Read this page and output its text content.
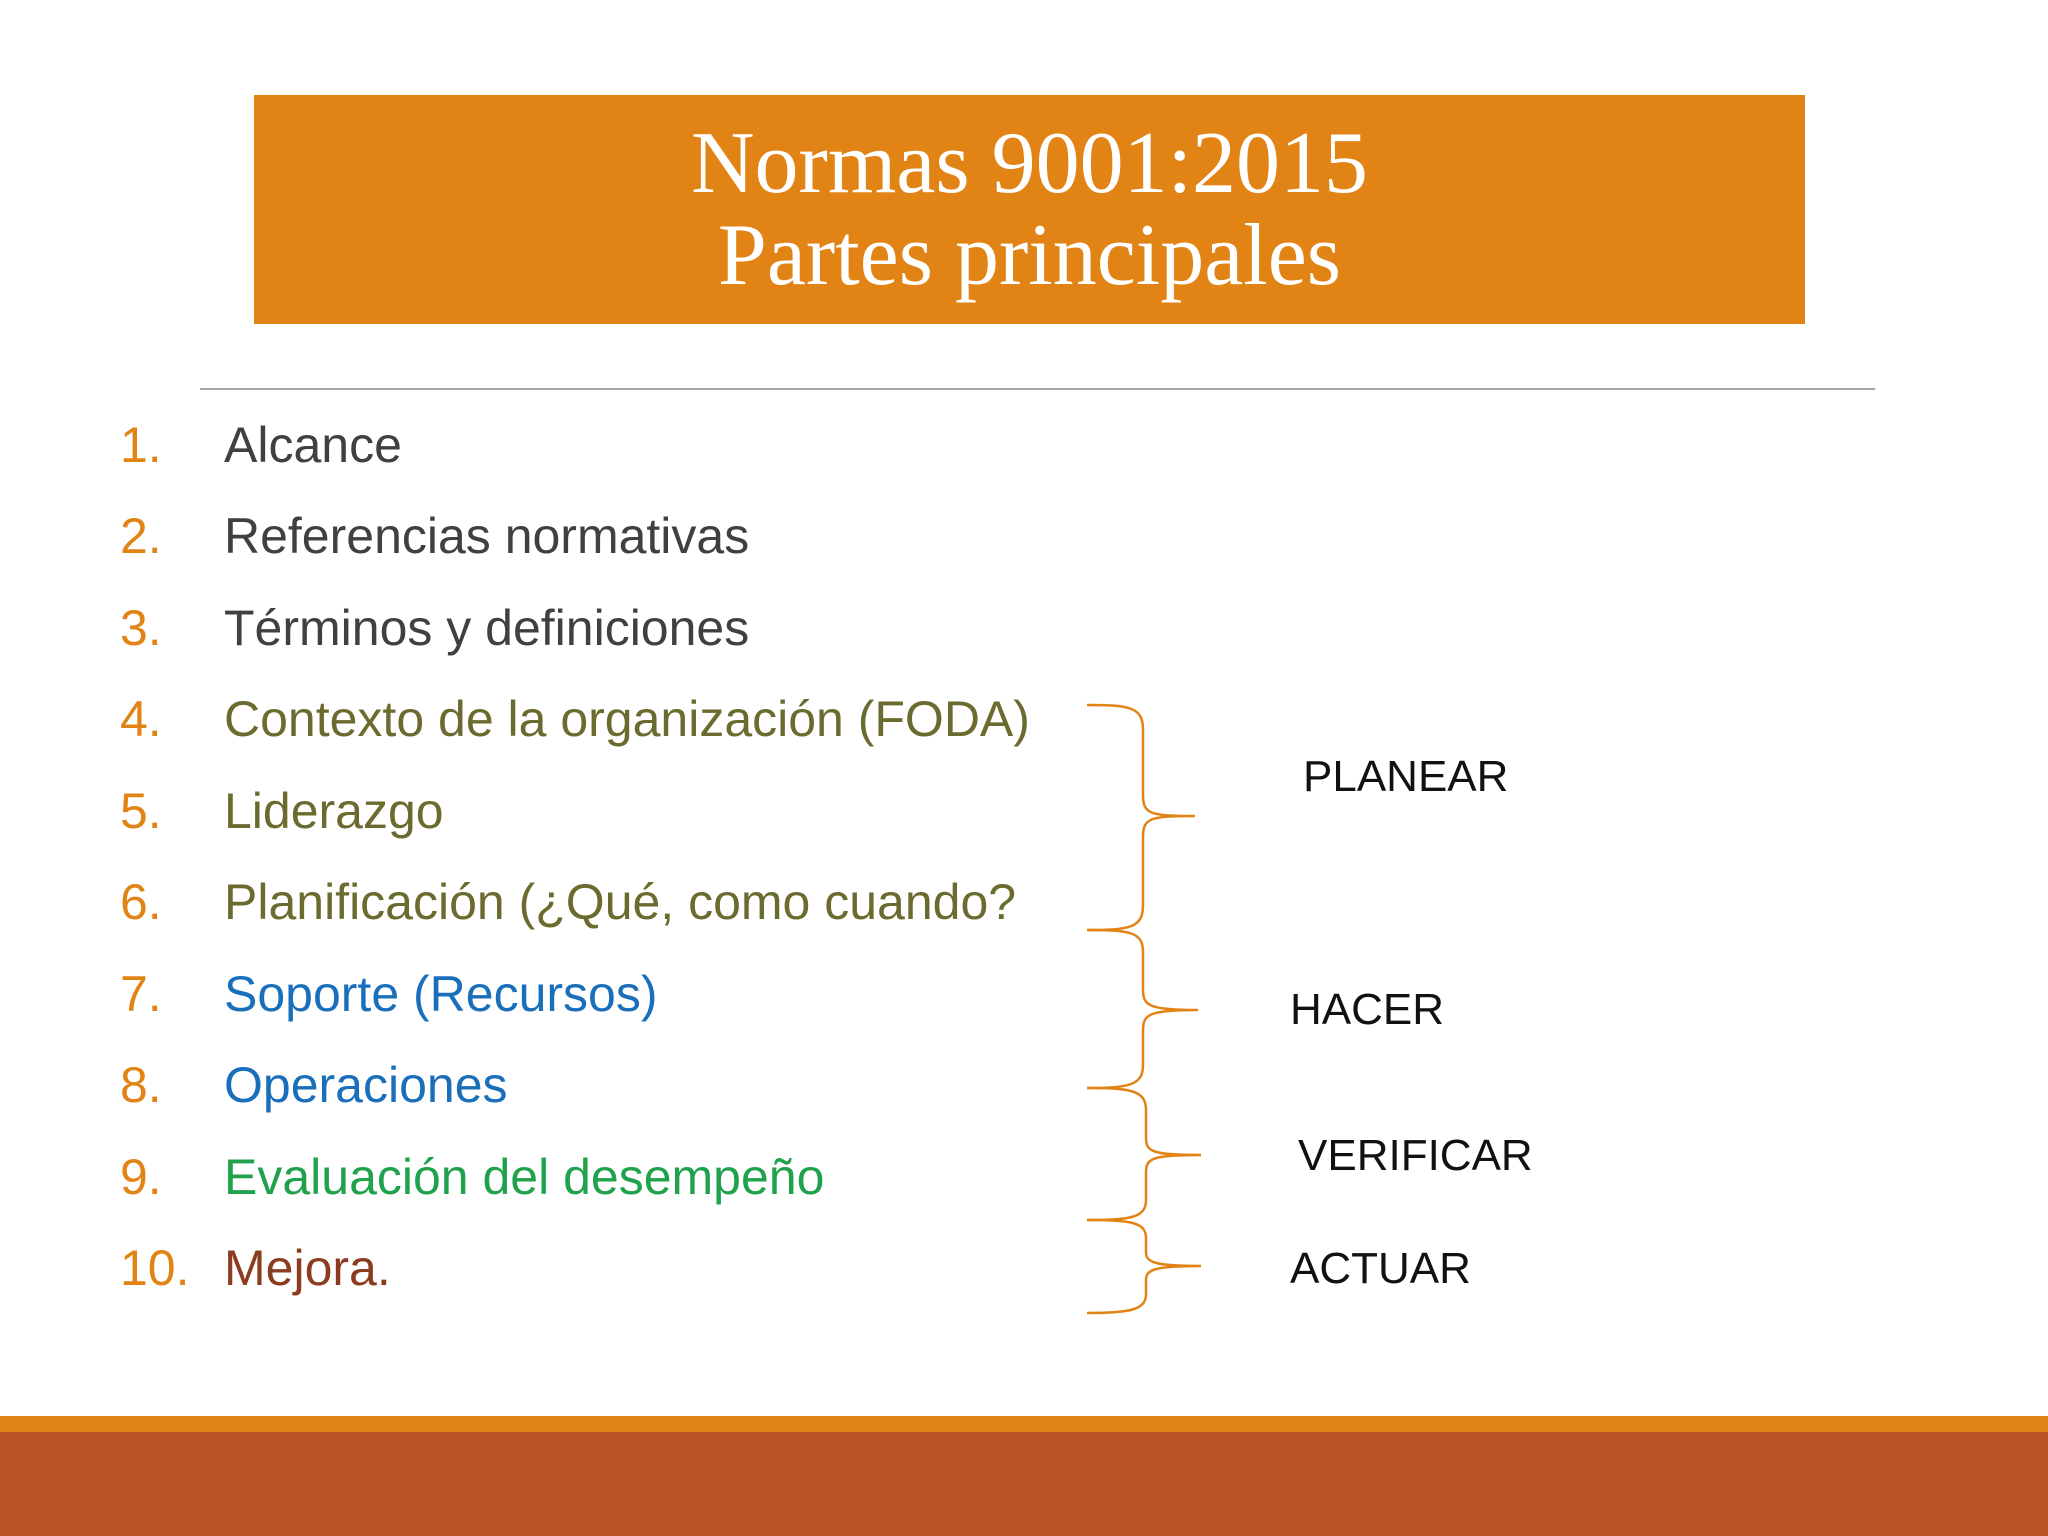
Normas 9001:2015
Partes principales
1. Alcance
2. Referencias normativas
3. Términos y definiciones
4. Contexto de la organización (FODA)
5. Liderazgo
6. Planificación (¿Qué, como cuando?
7. Soporte (Recursos)
8. Operaciones
9. Evaluación del desempeño
10. Mejora.
PLANEAR
HACER
VERIFICAR
ACTUAR
